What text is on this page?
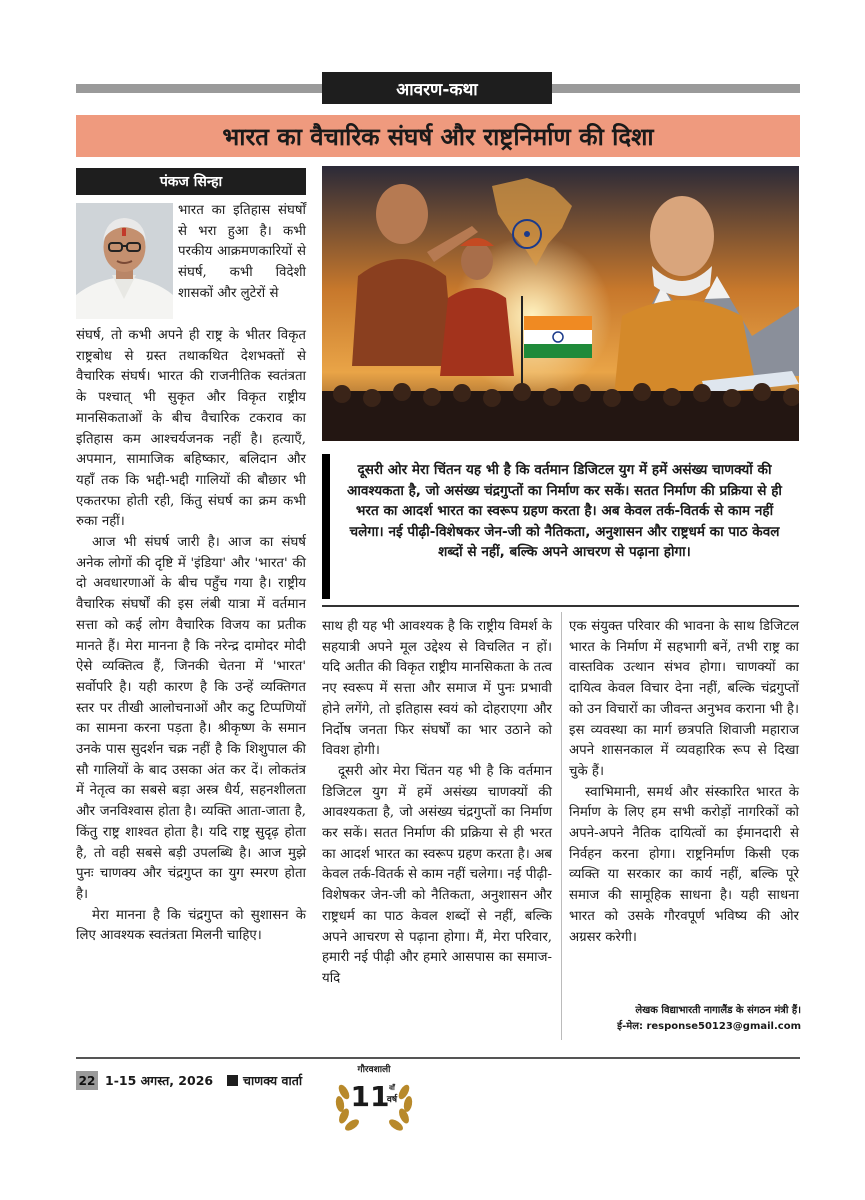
आवरण-कथा
भारत का वैचारिक संघर्ष और राष्ट्रनिर्माण की दिशा
पंकज सिन्हा

भारत का इतिहास संघर्षों से भरा हुआ है। कभी परकीय आक्रमणकारियों से संघर्ष, कभी विदेशी शासकों और लुटेरों से

संघर्ष, तो कभी अपने ही राष्ट्र के भीतर विकृत राष्ट्रबोध से ग्रस्त तथाकथित देशभक्तों से वैचारिक संघर्ष। भारत की राजनीतिक स्वतंत्रता के पश्चात् भी सुकृत और विकृत राष्ट्रीय मानसिकताओं के बीच वैचारिक टकराव का इतिहास कम आश्चर्यजनक नहीं है। हत्याएँ, अपमान, सामाजिक बहिष्कार, बलिदान और यहाँ तक कि भद्दी-भद्दी गालियों की बौछार भी एकतरफा होती रही, किंतु संघर्ष का क्रम कभी रुका नहीं।

आज भी संघर्ष जारी है। आज का संघर्ष अनेक लोगों की दृष्टि में 'इंडिया' और 'भारत' की दो अवधारणाओं के बीच पहुँच गया है। राष्ट्रीय वैचारिक संघर्षों की इस लंबी यात्रा में वर्तमान सत्ता को कई लोग वैचारिक विजय का प्रतीक मानते हैं। मेरा मानना है कि नरेन्द्र दामोदर मोदी ऐसे व्यक्तित्व हैं, जिनकी चेतना में 'भारत' सर्वोपरि है। यही कारण है कि उन्हें व्यक्तिगत स्तर पर तीखी आलोचनाओं और कटु टिप्पणियों का सामना करना पड़ता है। श्रीकृष्ण के समान उनके पास सुदर्शन चक्र नहीं है कि शिशुपाल की सौ गालियों के बाद उसका अंत कर दें। लोकतंत्र में नेतृत्व का सबसे बड़ा अस्त्र धैर्य, सहनशीलता और जनविश्वास होता है। व्यक्ति आता-जाता है, किंतु राष्ट्र शाश्वत होता है। यदि राष्ट्र सुदृढ़ होता है, तो वही सबसे बड़ी उपलब्धि है। आज मुझे पुनः चाणक्य और चंद्रगुप्त का युग स्मरण होता है।

मेरा मानना है कि चंद्रगुप्त को सुशासन के लिए आवश्यक स्वतंत्रता मिलनी चाहिए।

दूसरी ओर मेरा चिंतन यह भी है कि वर्तमान डिजिटल युग में हमें असंख्य चाणक्यों की आवश्यकता है, जो असंख्य चंद्रगुप्तों का निर्माण कर सकें। सतत निर्माण की प्रक्रिया से ही भरत का आदर्श भारत का स्वरूप ग्रहण करता है। अब केवल तर्क-वितर्क से काम नहीं चलेगा। नई पीढ़ी-विशेषकर जेन-जी को नैतिकता, अनुशासन और राष्ट्रधर्म का पाठ केवल शब्दों से नहीं, बल्कि अपने आचरण से पढ़ाना होगा।

साथ ही यह भी आवश्यक है कि राष्ट्रीय विमर्श के सहयात्री अपने मूल उद्देश्य से विचलित न हों। यदि अतीत की विकृत राष्ट्रीय मानसिकता के तत्व नए स्वरूप में सत्ता और समाज में पुनः प्रभावी होने लगेंगे, तो इतिहास स्वयं को दोहराएगा और निर्दोष जनता फिर संघर्षों का भार उठाने को विवश होगी।

दूसरी ओर मेरा चिंतन यह भी है कि वर्तमान डिजिटल युग में हमें असंख्य चाणक्यों की आवश्यकता है, जो असंख्य चंद्रगुप्तों का निर्माण कर सकें। सतत निर्माण की प्रक्रिया से ही भरत का आदर्श भारत का स्वरूप ग्रहण करता है। अब केवल तर्क-वितर्क से काम नहीं चलेगा। नई पीढ़ी-विशेषकर जेन-जी को नैतिकता, अनुशासन और राष्ट्रधर्म का पाठ केवल शब्दों से नहीं, बल्कि अपने आचरण से पढ़ाना होगा। मैं, मेरा परिवार, हमारी नई पीढ़ी और हमारे आसपास का समाज-यदि

एक संयुक्त परिवार की भावना के साथ डिजिटल भारत के निर्माण में सहभागी बनें, तभी राष्ट्र का वास्तविक उत्थान संभव होगा। चाणक्यों का दायित्व केवल विचार देना नहीं, बल्कि चंद्रगुप्तों को उन विचारों का जीवन्त अनुभव कराना भी है। इस व्यवस्था का मार्ग छत्रपति शिवाजी महाराज अपने शासनकाल में व्यवहारिक रूप से दिखा चुके हैं।

स्वाभिमानी, समर्थ और संस्कारित भारत के निर्माण के लिए हम सभी करोड़ों नागरिकों को अपने-अपने नैतिक दायित्वों का ईमानदारी से निर्वहन करना होगा। राष्ट्रनिर्माण किसी एक व्यक्ति या सरकार का कार्य नहीं, बल्कि पूरे समाज की सामूहिक साधना है। यही साधना भारत को उसके गौरवपूर्ण भविष्य की ओर अग्रसर करेगी।

लेखक विद्याभारती नागालैंड के संगठन मंत्री हैं।
ई-मेल: response50123@gmail.com
22 1-15 अगस्त, 2026 चाणक्य वार्ता
गौरवशाली
11 वाँ
वर्ष
